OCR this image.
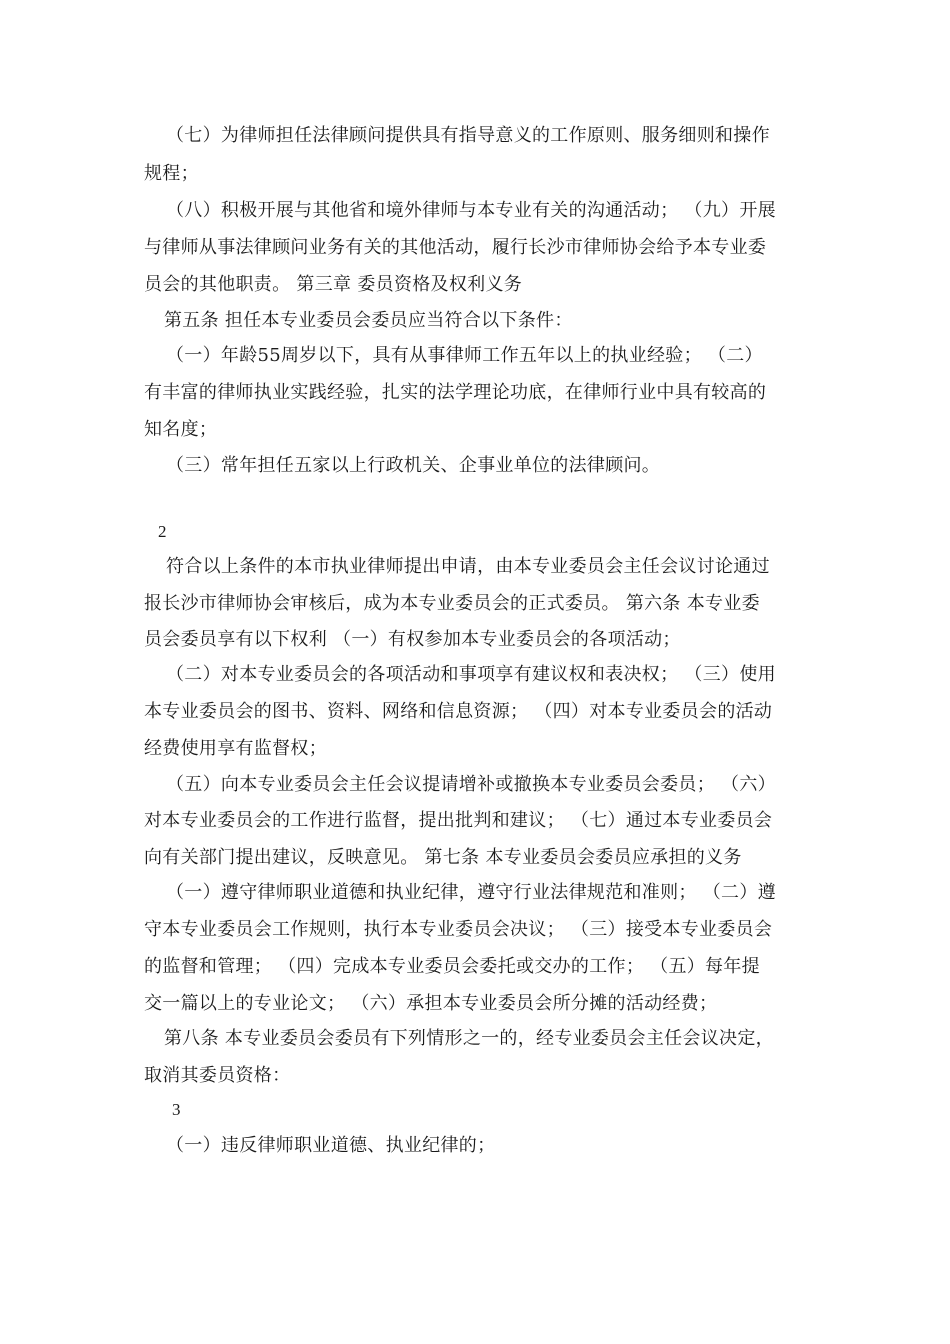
（七）为律师担任法律顾问提供具有指导意义的工作原则、服务细则和操作
规程；
（八）积极开展与其他省和境外律师与本专业有关的沟通活动； （九）开展
与律师从事法律顾问业务有关的其他活动，履行长沙市律师协会给予本专业委
员会的其他职责。 第三章 委员资格及权利义务
第五条 担任本专业委员会委员应当符合以下条件：
（一）年龄55周岁以下，具有从事律师工作五年以上的执业经验； （二）
有丰富的律师执业实践经验，扎实的法学理论功底，在律师行业中具有较高的
知名度；
（三）常年担任五家以上行政机关、企事业单位的法律顾问。
2
符合以上条件的本市执业律师提出申请，由本专业委员会主任会议讨论通过
报长沙市律师协会审核后，成为本专业委员会的正式委员。 第六条 本专业委
员会委员享有以下权利 （一）有权参加本专业委员会的各项活动；
（二）对本专业委员会的各项活动和事项享有建议权和表决权； （三）使用
本专业委员会的图书、资料、网络和信息资源； （四）对本专业委员会的活动
经费使用享有监督权；
（五）向本专业委员会主任会议提请增补或撤换本专业委员会委员； （六）
对本专业委员会的工作进行监督，提出批判和建议； （七）通过本专业委员会
向有关部门提出建议，反映意见。 第七条 本专业委员会委员应承担的义务
（一）遵守律师职业道德和执业纪律，遵守行业法律规范和准则； （二）遵
守本专业委员会工作规则，执行本专业委员会决议； （三）接受本专业委员会
的监督和管理； （四）完成本专业委员会委托或交办的工作； （五）每年提
交一篇以上的专业论文； （六）承担本专业委员会所分摊的活动经费；
第八条 本专业委员会委员有下列情形之一的，经专业委员会主任会议决定，
取消其委员资格：
3
（一）违反律师职业道德、执业纪律的；
